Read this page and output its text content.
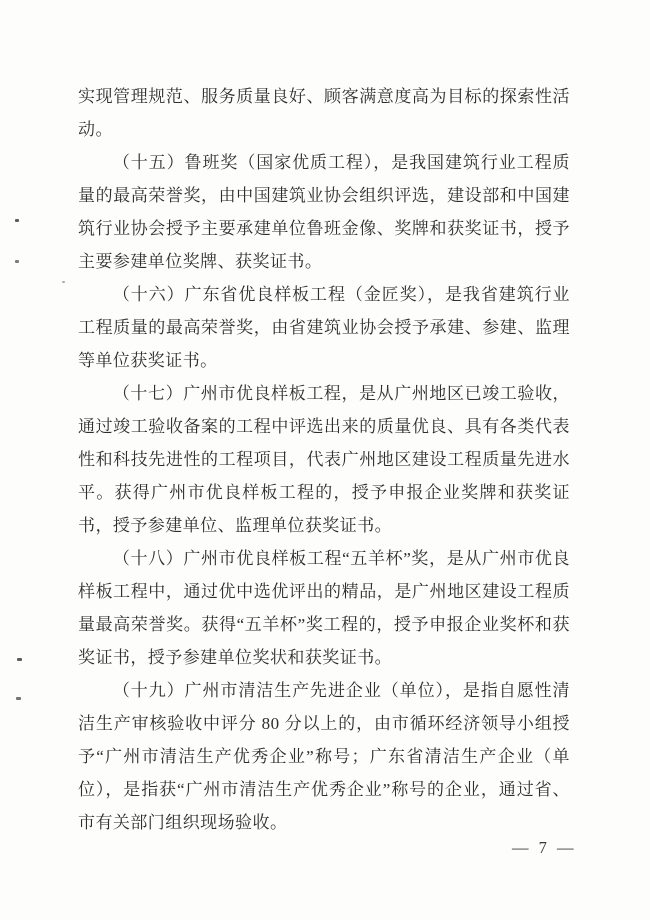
实现管理规范、服务质量良好、顾客满意度高为目标的探索性活动。

（十五）鲁班奖（国家优质工程），是我国建筑行业工程质量的最高荣誉奖，由中国建筑业协会组织评选，建设部和中国建筑行业协会授予主要承建单位鲁班金像、奖牌和获奖证书，授予主要参建单位奖牌、获奖证书。

（十六）广东省优良样板工程（金匠奖），是我省建筑行业工程质量的最高荣誉奖，由省建筑业协会授予承建、参建、监理等单位获奖证书。

（十七）广州市优良样板工程，是从广州地区已竣工验收，通过竣工验收备案的工程中评选出来的质量优良、具有各类代表性和科技先进性的工程项目，代表广州地区建设工程质量先进水平。获得广州市优良样板工程的，授予申报企业奖牌和获奖证书，授予参建单位、监理单位获奖证书。

（十八）广州市优良样板工程“五羊杯”奖，是从广州市优良样板工程中，通过优中选优评出的精品，是广州地区建设工程质量最高荣誉奖。获得“五羊杯”奖工程的，授予申报企业奖杯和获奖证书，授予参建单位奖状和获奖证书。

（十九）广州市清洁生产先进企业（单位），是指自愿性清洁生产审核验收中评分 80 分以上的，由市循环经济领导小组授予“广州市清洁生产优秀企业”称号；广东省清洁生产企业（单位），是指获“广州市清洁生产优秀企业”称号的企业，通过省、市有关部门组织现场验收。

— 7 —
